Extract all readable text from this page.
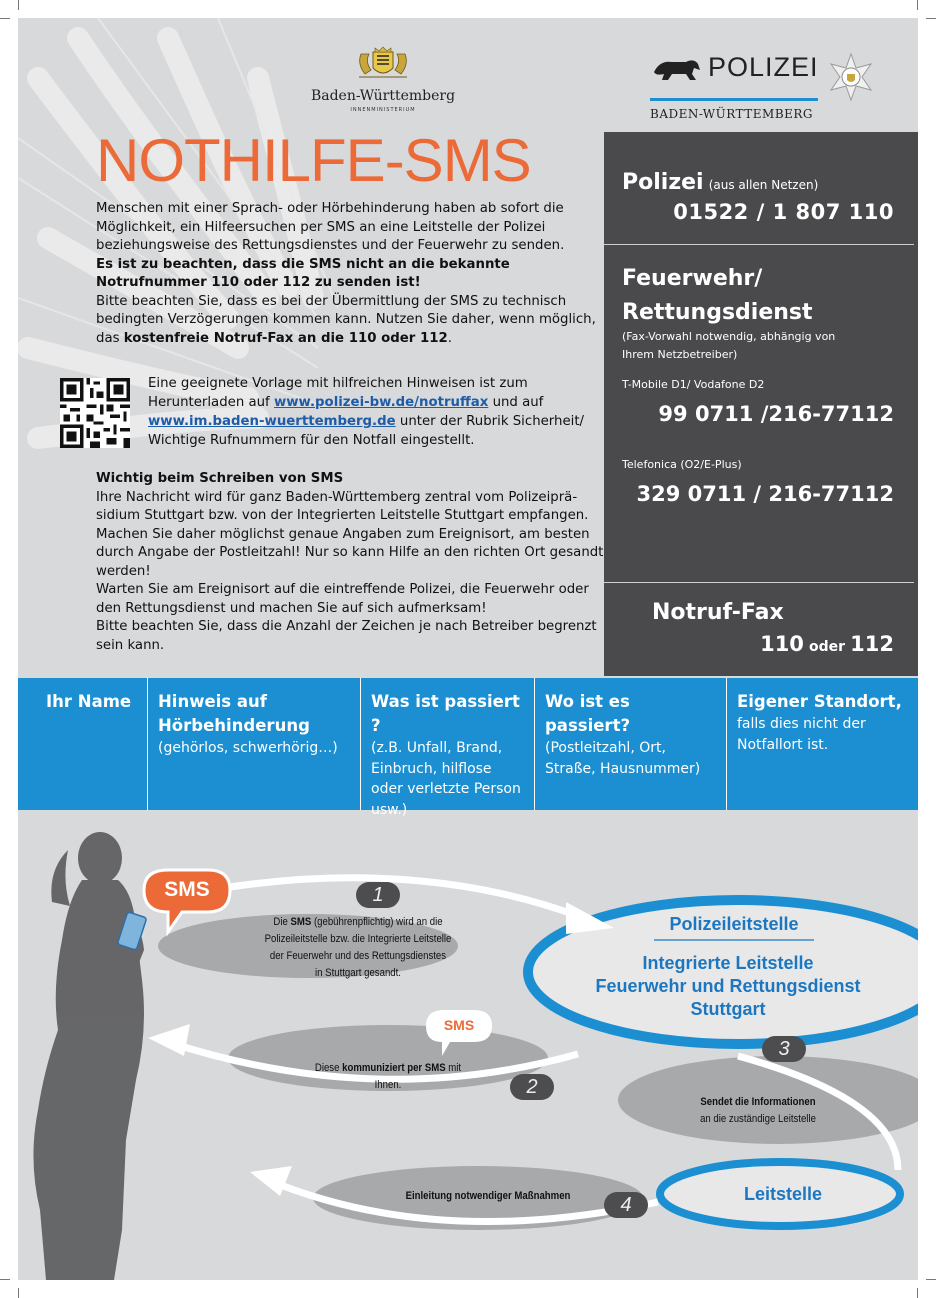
Baden-Württemberg
INNENMINISTERIUM
POLIZEI
BADEN-WÜRTTEMBERG
NOTHILFE-SMS
Menschen mit einer Sprach- oder Hörbehinderung haben ab sofort die Möglichkeit, ein Hilfeersuchen per SMS an eine Leitstelle der Polizei beziehungsweise des Rettungsdienstes und der Feuerwehr zu senden.
Es ist zu beachten, dass die SMS nicht an die bekannte Notrufnummer 110 oder 112 zu senden ist!
Bitte beachten Sie, dass es bei der Übermittlung der SMS zu technisch bedingten Verzögerungen kommen kann. Nutzen Sie daher, wenn möglich, das kostenfreie Notruf-Fax an die 110 oder 112.
Eine geeignete Vorlage mit hilfreichen Hinweisen ist zum Herunterladen auf www.polizei-bw.de/notruffax und auf www.im.baden-wuerttemberg.de unter der Rubrik Sicherheit/ Wichtige Rufnummern für den Notfall eingestellt.
Wichtig beim Schreiben von SMS
Ihre Nachricht wird für ganz Baden-Württemberg zentral vom Polizeiprä-sidium Stuttgart bzw. von der Integrierten Leitstelle Stuttgart empfangen. Machen Sie daher möglichst genaue Angaben zum Ereignisort, am besten durch Angabe der Postleitzahl! Nur so kann Hilfe an den richten Ort gesandt werden!
Warten Sie am Ereignisort auf die eintreffende Polizei, die Feuerwehr oder den Rettungsdienst und machen Sie auf sich aufmerksam!
Bitte beachten Sie, dass die Anzahl der Zeichen je nach Betreiber begrenzt sein kann.
Polizei (aus allen Netzen)
01522 / 1 807 110
Feuerwehr/
Rettungsdienst
(Fax-Vorwahl notwendig, abhängig von
Ihrem Netzbetreiber)
T-Mobile D1/ Vodafone D2
99 0711 /216-77112
Telefonica (O2/E-Plus)
329 0711 / 216-77112
Notruf-Fax
110 oder 112
Ihr Name	Hinweis auf
Hörbehinderung
(gehörlos, schwerhörig…)
Was ist passiert ?
(z.B. Unfall, Brand,
Einbruch, hilflose
oder verletzte Person
usw.)
Wo ist es passiert?
(Postleitzahl, Ort,
Straße, Hausnummer)
Eigener Standort,
falls dies nicht der
Notfallort ist.
SMS
SMS
1
2
3
4
Die SMS (gebührenpflichtig) wird an die
Polizeileitstelle bzw. die Integrierte Leitstelle
der Feuerwehr und des Rettungsdienstes
in Stuttgart gesandt.
Diese kommuniziert per SMS mit
Ihnen.
Sendet die Informationen
an die zuständige Leitstelle
Einleitung notwendiger Maßnahmen
Polizeileitstelle
Integrierte Leitstelle
Feuerwehr und Rettungsdienst
Stuttgart
Leitstelle
